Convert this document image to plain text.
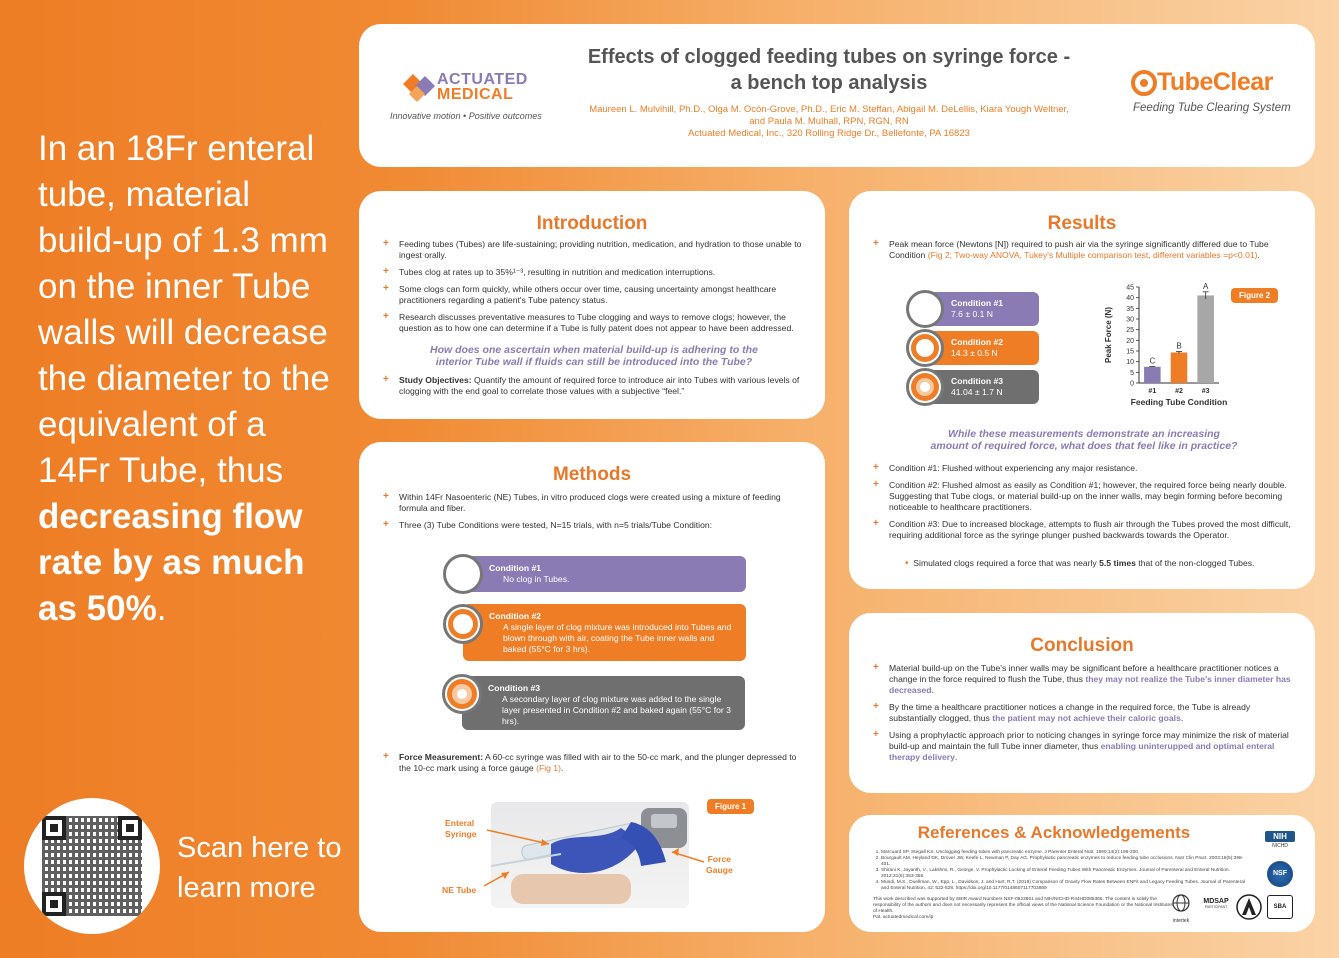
In an 18Fr enteral tube, material build-up of 1.3 mm on the inner Tube walls will decrease the diameter to the equivalent of a 14Fr Tube, thus decreasing flow rate by as much as 50%.
Scan here to
learn more
ACTUATED
MEDICAL
Innovative motion • Positive outcomes
Effects of clogged feeding tubes on syringe force -
a bench top analysis
Maureen L. Mulvihill, Ph.D., Olga M. Ocón-Grove, Ph.D., Eric M. Steffan, Abigail M. DeLellis, Kiara Yough Weltner,
and Paula M. Mulhall, RPN, RGN, RN
Actuated Medical, Inc., 320 Rolling Ridge Dr., Bellefonte, PA 16823
TubeClear
Feeding Tube Clearing System
Introduction
+ Feeding tubes (Tubes) are life-sustaining; providing nutrition, medication, and hydration to those unable to ingest orally.
+ Tubes clog at rates up to 35%¹⁻³, resulting in nutrition and medication interruptions.
+ Some clogs can form quickly, while others occur over time, causing uncertainty amongst healthcare practitioners regarding a patient's Tube patency status.
+ Research discusses preventative measures to Tube clogging and ways to remove clogs; however, the question as to how one can determine if a Tube is fully patent does not appear to have been addressed.
How does one ascertain when material build-up is adhering to the interior Tube wall if fluids can still be introduced into the Tube?
+ Study Objectives: Quantify the amount of required force to introduce air into Tubes with various levels of clogging with the end goal to correlate those values with a subjective “feel.”
Methods
+ Within 14Fr Nasoenteric (NE) Tubes, in vitro produced clogs were created using a mixture of feeding formula and fiber.
+ Three (3) Tube Conditions were tested, N=15 trials, with n=5 trials/Tube Condition:
Condition #1
No clog in Tubes.
Condition #2
A single layer of clog mixture was introduced into Tubes and blown through with air, coating the Tube inner walls and baked (55°C for 3 hrs).
Condition #3
A secondary layer of clog mixture was added to the single layer presented in Condition #2 and baked again (55°C for 3 hrs).
+ Force Measurement: A 60-cc syringe was filled with air to the 50-cc mark, and the plunger depressed to the 10-cc mark using a force gauge (Fig 1).
Figure 1
Enteral
Syringe
NE Tube
Force
Gauge
Results
+ Peak mean force (Newtons [N]) required to push air via the syringe significantly differed due to Tube Condition (Fig 2; Two-way ANOVA, Tukey's Multiple comparison test, different variables =p<0.01).
Condition #1
7.6 ± 0.1 N
Condition #2
14.3 ± 0.5 N
Condition #3
41.04 ± 1.7 N
0
5
10
15
20
25
30
35
40
45
C
#1
B
#2
A
#3
Feeding Tube Condition
Peak Force (N)
Figure 2
While these measurements demonstrate an increasing amount of required force, what does that feel like in practice?
+ Condition #1: Flushed without experiencing any major resistance.
+ Condition #2: Flushed almost as easily as Condition #1; however, the required force being nearly double. Suggesting that Tube clogs, or material build-up on the inner walls, may begin forming before becoming noticeable to healthcare practitioners.
+ Condition #3: Due to increased blockage, attempts to flush air through the Tubes proved the most difficult, requiring additional force as the syringe plunger pushed backwards towards the Operator.
• Simulated clogs required a force that was nearly 5.5 times that of the non-clogged Tubes.
Conclusion
+ Material build-up on the Tube's inner walls may be significant before a healthcare practitioner notices a change in the force required to flush the Tube, thus they may not realize the Tube's inner diameter has decreased.
+ By the time a healthcare practitioner notices a change in the required force, the Tube is already substantially clogged, thus the patient may not achieve their caloric goals.
+ Using a prophylactic approach prior to noticing changes in syringe force may minimize the risk of material build-up and maintain the full Tube inner diameter, thus enabling uninterupped and optimal enteral therapy delivery.
References & Acknowledgements
1. Marcuard SP, Stegall KS. Unclogging feeding tubes with pancreatic enzyme. J Parenter Enteral Nutr. 1990;14(2):198-200.
2. Bourgault AM, Heyland DK, Drover JW, Keefe L, Newman P, Day AG. Prophylactic pancreatic enzymes to reduce feeding tube occlusions. Nutr Clin Pract. 2003;18(5):398-401.
3. Shirani K, Jayanth, V., Lakshmi, R., George, V. Prophylactic Locking of Enteral Feeding Tubes With Pancreatic Enzymes. Journal of Parenteral and Enteral Nutrition. 2012;31(6):353-356.
4. Mundi, M.S., Duellman, W., Epp, L., Davidson, J. and Hurt, R.T. (2018) Comparison of Gravity Flow Rates Between ENFit and Legacy Feeding Tubes. Journal of Parenteral and Enteral Nutrition, 42: 522-528. https://doi.org/10.1177/0148607117703869
This work described was supported by SBIR Award Numbers NSF-0923861 and NIH/NICHD-R44HD085365. The content is solely the responsibility of the authors and does not necessarily represent the official views of the National Science Foundation or the National Institutes of Health.
Pat. actuatedmedical.com/ip
NIH
NICHD
NSF
intertek
MDSAP
PARTICIPANT	SBA
